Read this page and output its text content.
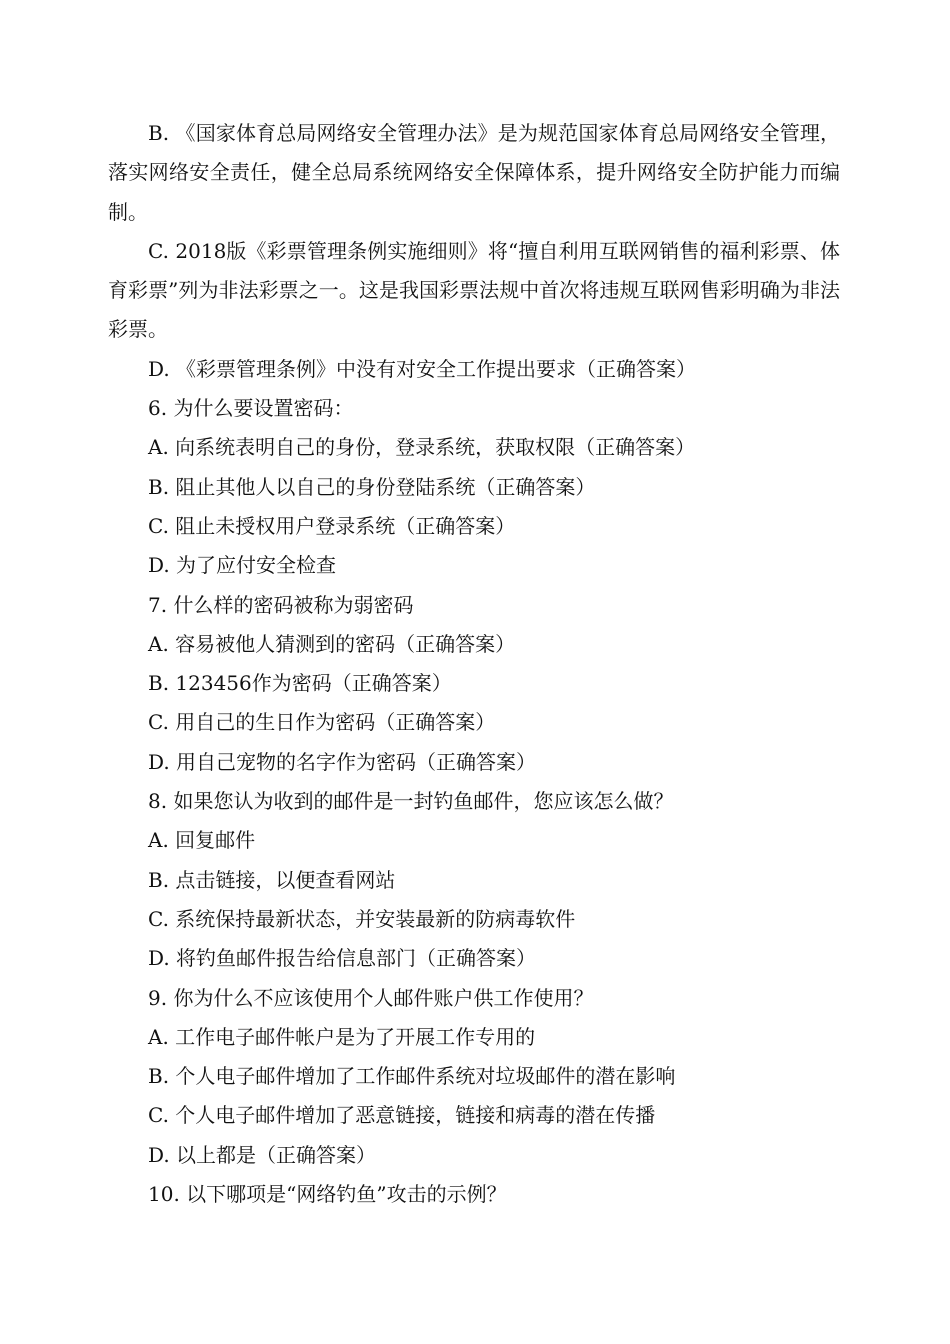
B. 《国家体育总局网络安全管理办法》是为规范国家体育总局网络安全管理，落实网络安全责任，健全总局系统网络安全保障体系，提升网络安全防护能力而编制。

C. 2018版《彩票管理条例实施细则》将“擅自利用互联网销售的福利彩票、体育彩票”列为非法彩票之一。这是我国彩票法规中首次将违规互联网售彩明确为非法彩票。

D. 《彩票管理条例》中没有对安全工作提出要求（正确答案）

6. 为什么要设置密码：

A. 向系统表明自己的身份，登录系统，获取权限（正确答案）

B. 阻止其他人以自己的身份登陆系统（正确答案）

C. 阻止未授权用户登录系统（正确答案）

D. 为了应付安全检查

7. 什么样的密码被称为弱密码

A. 容易被他人猜测到的密码（正确答案）

B. 123456作为密码（正确答案）

C. 用自己的生日作为密码（正确答案）

D. 用自己宠物的名字作为密码（正确答案）

8. 如果您认为收到的邮件是一封钓鱼邮件，您应该怎么做？

A. 回复邮件

B. 点击链接，以便查看网站

C. 系统保持最新状态，并安装最新的防病毒软件

D. 将钓鱼邮件报告给信息部门（正确答案）

9. 你为什么不应该使用个人邮件账户供工作使用？

A. 工作电子邮件帐户是为了开展工作专用的

B. 个人电子邮件增加了工作邮件系统对垃圾邮件的潜在影响

C. 个人电子邮件增加了恶意链接，链接和病毒的潜在传播

D. 以上都是（正确答案）

10. 以下哪项是“网络钓鱼”攻击的示例？
